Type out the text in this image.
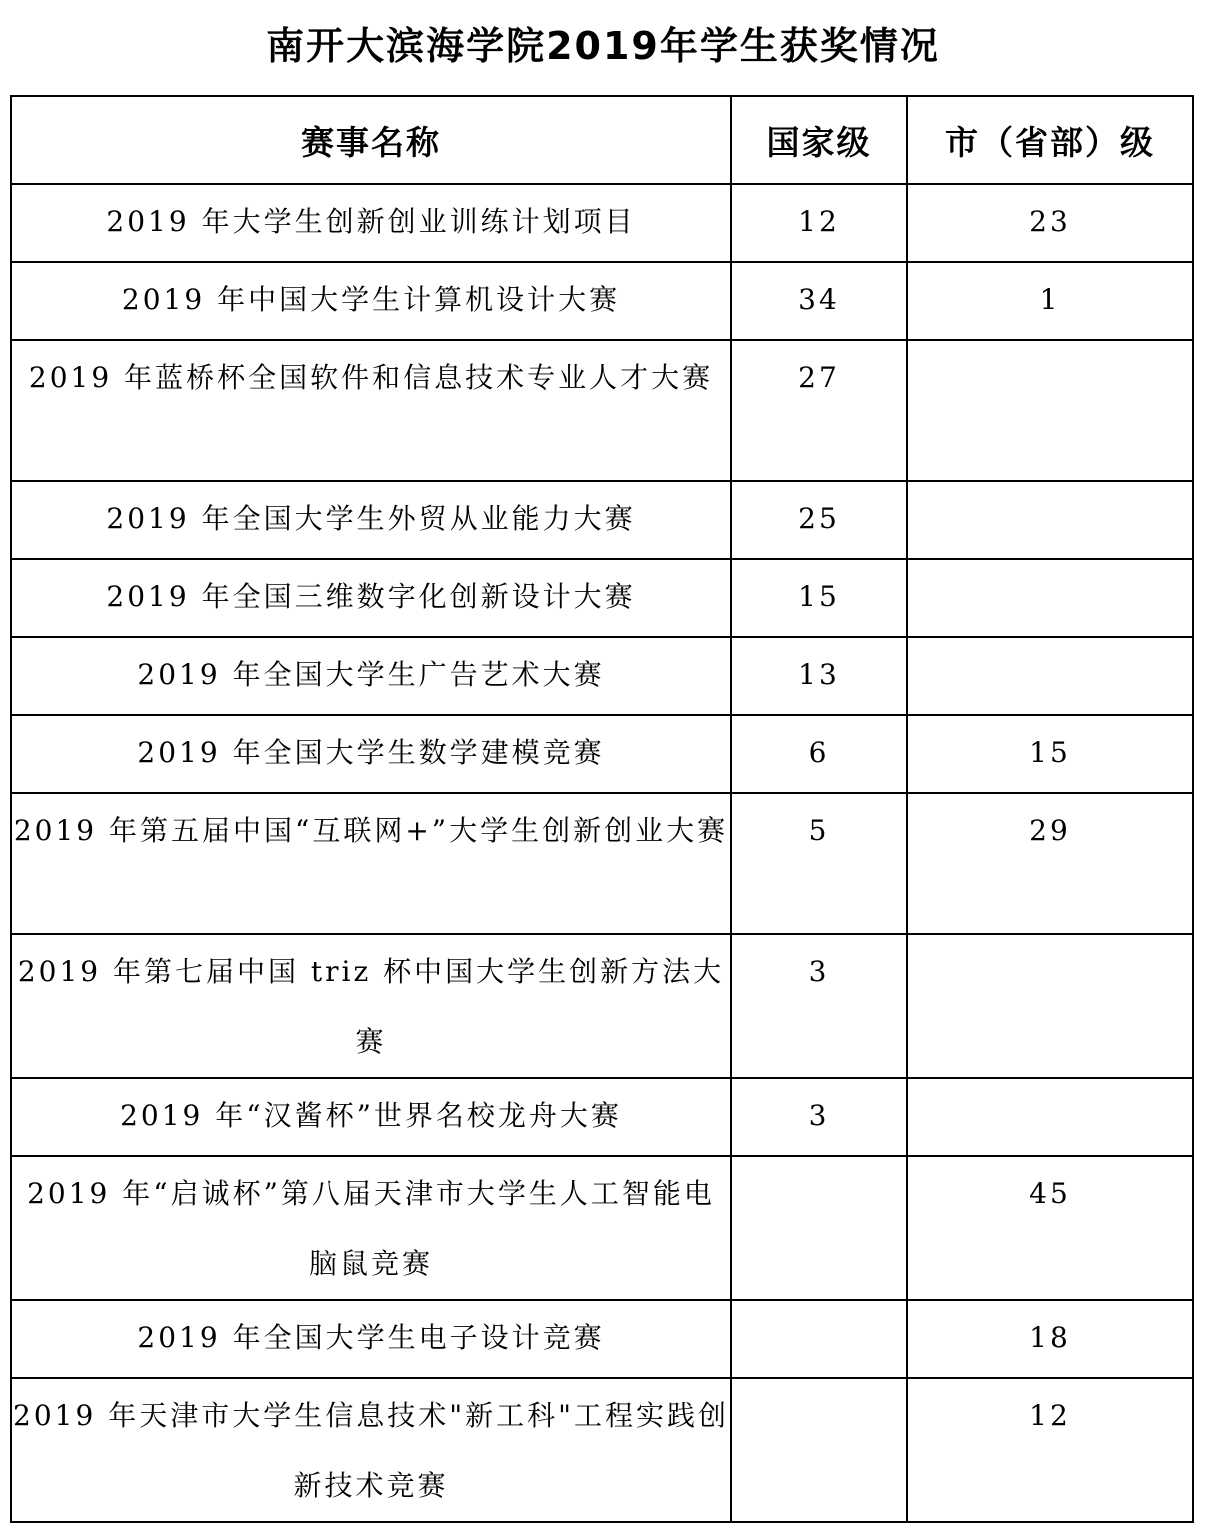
南开大滨海学院2019年学生获奖情况
赛事名称	国家级	市（省部）级
2019 年大学生创新创业训练计划项目	12	23
2019 年中国大学生计算机设计大赛	34	1
2019 年蓝桥杯全国软件和信息技术专业人才大赛	27	
2019 年全国大学生外贸从业能力大赛	25	
2019 年全国三维数字化创新设计大赛	15	
2019 年全国大学生广告艺术大赛	13	
2019 年全国大学生数学建模竞赛	6	15
2019 年第五届中国“互联网+”大学生创新创业大赛	5	29
2019 年第七届中国 triz 杯中国大学生创新方法大赛	3	
2019 年“汉酱杯”世界名校龙舟大赛	3	
2019 年“启诚杯”第八届天津市大学生人工智能电脑鼠竞赛		45
2019 年全国大学生电子设计竞赛		18
2019 年天津市大学生信息技术"新工科"工程实践创新技术竞赛		12
